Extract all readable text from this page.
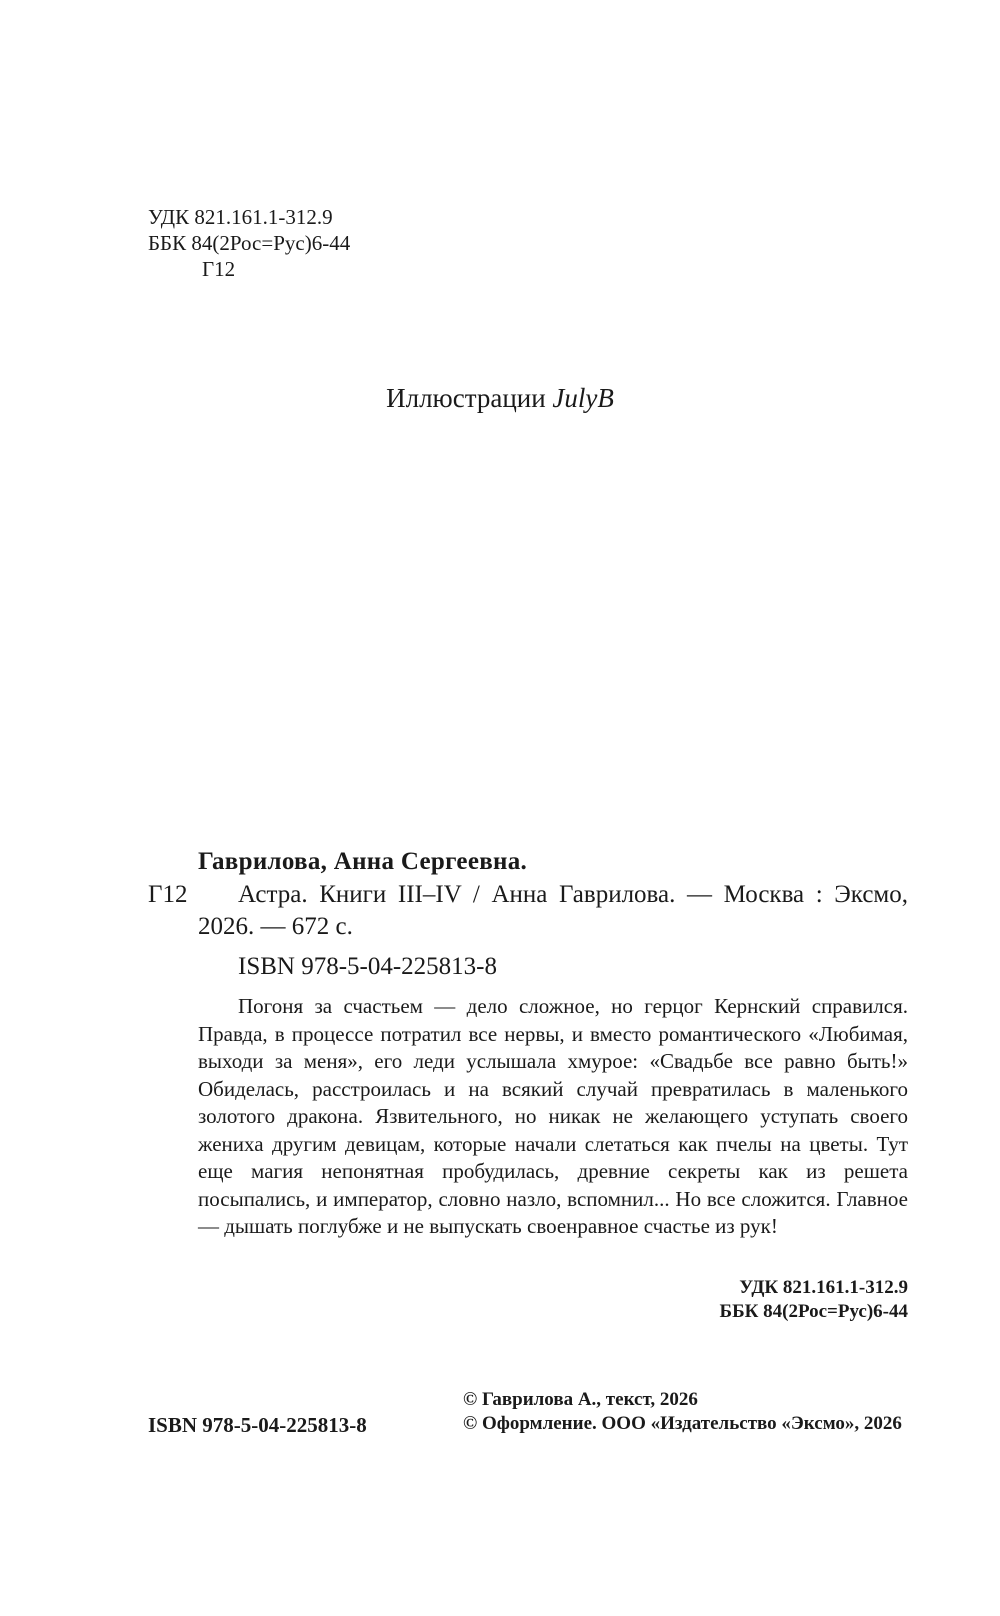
УДК 821.161.1-312.9
ББК 84(2Рос=Рус)6-44
Г12
Иллюстрации JulyB
Гаврилова, Анна Сергеевна.
Г12	Астра. Книги III–IV / Анна Гаврилова. — Москва : Эксмо, 2026. — 672 с.
ISBN 978-5-04-225813-8
Погоня за счастьем — дело сложное, но герцог Кернский справился. Правда, в процессе потратил все нервы, и вместо романтического «Любимая, выходи за меня», его леди услышала хмурое: «Свадьбе все равно быть!» Обиделась, расстроилась и на всякий случай превратилась в маленького золотого дракона. Язвительного, но никак не желающего уступать своего жениха другим девицам, которые начали слетаться как пчелы на цветы. Тут еще магия непонятная пробудилась, древние секреты как из решета посыпались, и император, словно назло, вспомнил... Но все сложится. Главное — дышать поглубже и не выпускать своенравное счастье из рук!
УДК 821.161.1-312.9
ББК 84(2Рос=Рус)6-44
ISBN 978-5-04-225813-8
© Гаврилова А., текст, 2026
© Оформление. ООО «Издательство «Эксмо», 2026
